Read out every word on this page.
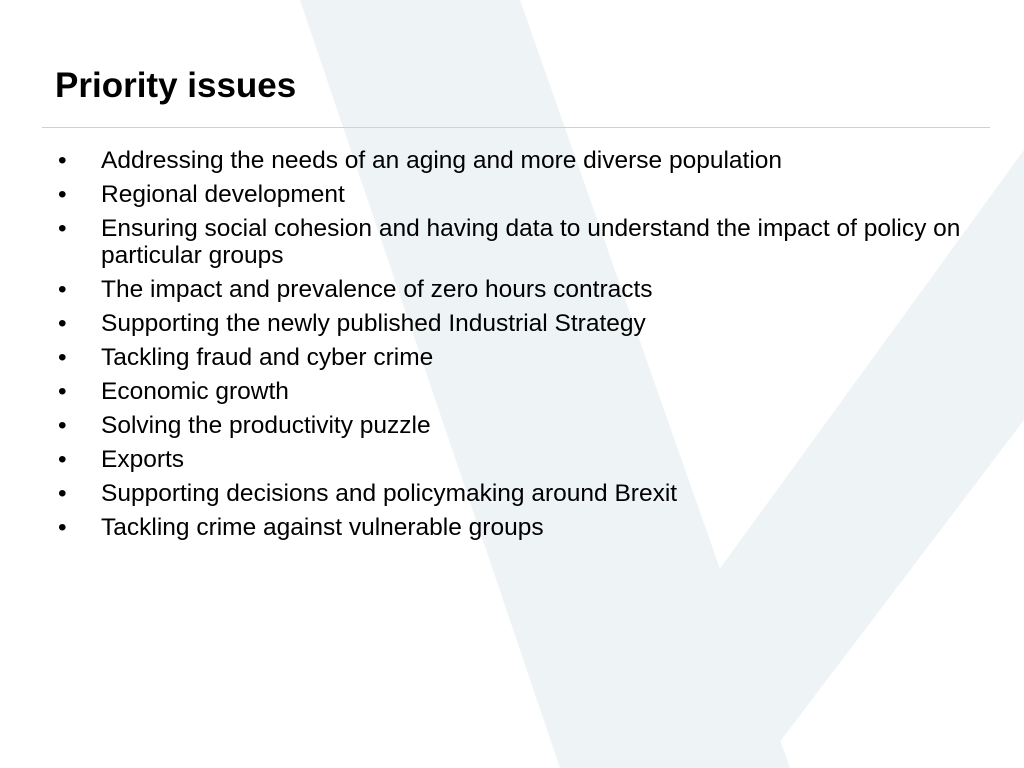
Priority issues
• Addressing the needs of an aging and more diverse population
• Regional development
• Ensuring social cohesion and having data to understand the impact of policy on particular groups
• The impact and prevalence of zero hours contracts
• Supporting the newly published Industrial Strategy
• Tackling fraud and cyber crime
• Economic growth
• Solving the productivity puzzle
• Exports
• Supporting decisions and policymaking around Brexit
• Tackling crime against vulnerable groups
